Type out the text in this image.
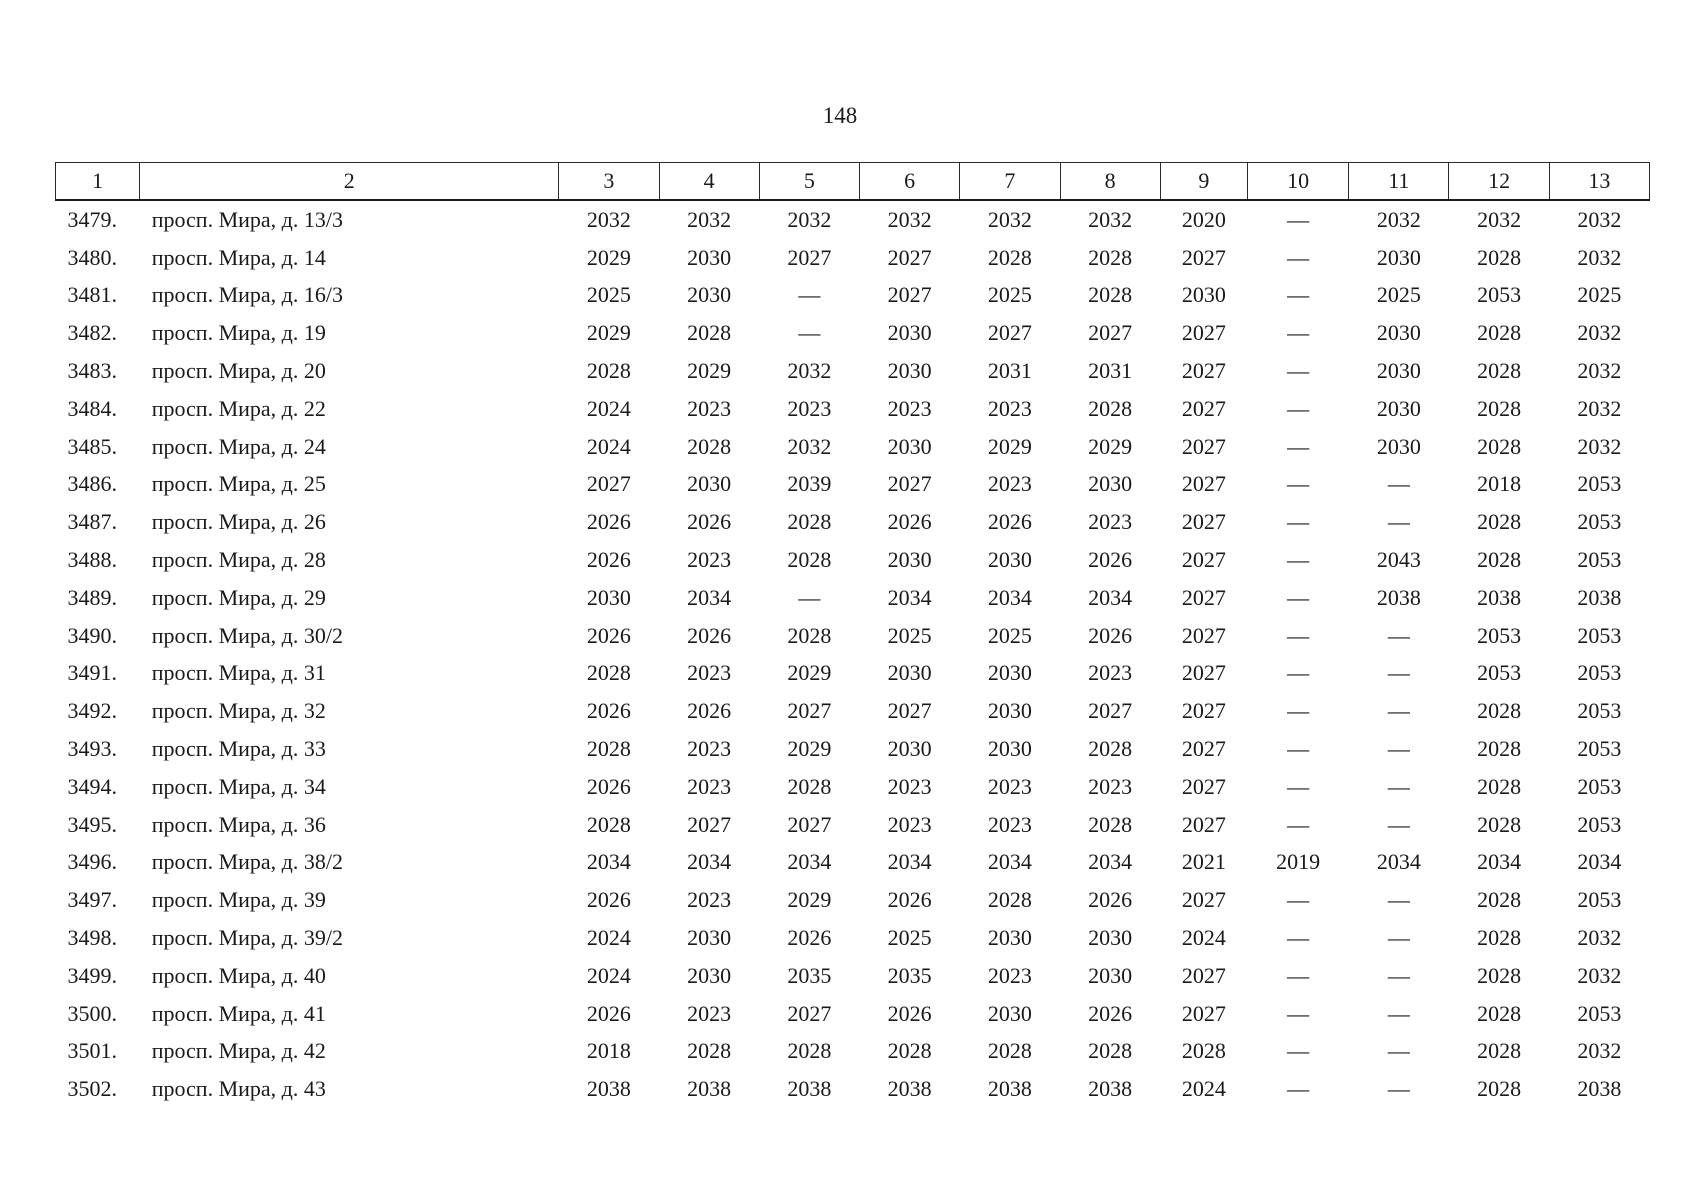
148
1	2	3	4	5	6	7	8	9	10	11	12	13
3479.	просп. Мира, д. 13/3	2032	2032	2032	2032	2032	2032	2020	—	2032	2032	2032
3480.	просп. Мира, д. 14	2029	2030	2027	2027	2028	2028	2027	—	2030	2028	2032
3481.	просп. Мира, д. 16/3	2025	2030	—	2027	2025	2028	2030	—	2025	2053	2025
3482.	просп. Мира, д. 19	2029	2028	—	2030	2027	2027	2027	—	2030	2028	2032
3483.	просп. Мира, д. 20	2028	2029	2032	2030	2031	2031	2027	—	2030	2028	2032
3484.	просп. Мира, д. 22	2024	2023	2023	2023	2023	2028	2027	—	2030	2028	2032
3485.	просп. Мира, д. 24	2024	2028	2032	2030	2029	2029	2027	—	2030	2028	2032
3486.	просп. Мира, д. 25	2027	2030	2039	2027	2023	2030	2027	—	—	2018	2053
3487.	просп. Мира, д. 26	2026	2026	2028	2026	2026	2023	2027	—	—	2028	2053
3488.	просп. Мира, д. 28	2026	2023	2028	2030	2030	2026	2027	—	2043	2028	2053
3489.	просп. Мира, д. 29	2030	2034	—	2034	2034	2034	2027	—	2038	2038	2038
3490.	просп. Мира, д. 30/2	2026	2026	2028	2025	2025	2026	2027	—	—	2053	2053
3491.	просп. Мира, д. 31	2028	2023	2029	2030	2030	2023	2027	—	—	2053	2053
3492.	просп. Мира, д. 32	2026	2026	2027	2027	2030	2027	2027	—	—	2028	2053
3493.	просп. Мира, д. 33	2028	2023	2029	2030	2030	2028	2027	—	—	2028	2053
3494.	просп. Мира, д. 34	2026	2023	2028	2023	2023	2023	2027	—	—	2028	2053
3495.	просп. Мира, д. 36	2028	2027	2027	2023	2023	2028	2027	—	—	2028	2053
3496.	просп. Мира, д. 38/2	2034	2034	2034	2034	2034	2034	2021	2019	2034	2034	2034
3497.	просп. Мира, д. 39	2026	2023	2029	2026	2028	2026	2027	—	—	2028	2053
3498.	просп. Мира, д. 39/2	2024	2030	2026	2025	2030	2030	2024	—	—	2028	2032
3499.	просп. Мира, д. 40	2024	2030	2035	2035	2023	2030	2027	—	—	2028	2032
3500.	просп. Мира, д. 41	2026	2023	2027	2026	2030	2026	2027	—	—	2028	2053
3501.	просп. Мира, д. 42	2018	2028	2028	2028	2028	2028	2028	—	—	2028	2032
3502.	просп. Мира, д. 43	2038	2038	2038	2038	2038	2038	2024	—	—	2028	2038
